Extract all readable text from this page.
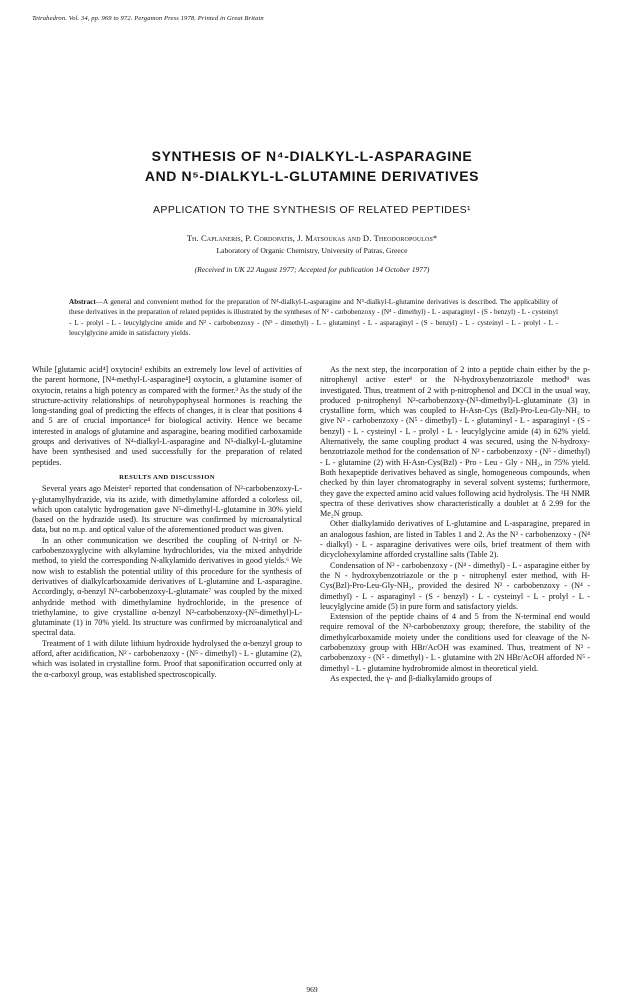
Tetrahedron. Vol. 34, pp. 969 to 972. Pergamon Press 1978. Printed in Great Britain
SYNTHESIS OF N⁴-DIALKYL-L-ASPARAGINE
AND N⁵-DIALKYL-L-GLUTAMINE DERIVATIVES
APPLICATION TO THE SYNTHESIS OF RELATED PEPTIDES¹
Th. Caplaneris, P. Cordopatis, J. Matsoukas and D. Theodoropoulos*
Laboratory of Organic Chemistry, University of Patras, Greece
(Received in UK 22 August 1977; Accepted for publication 14 October 1977)
Abstract—A general and convenient method for the preparation of N⁴-dialkyl-L-asparagine and N⁵-dialkyl-L-glutamine derivatives is described. The applicability of these derivatives in the preparation of related peptides is illustrated by the syntheses of N² - carbobenzoxy - (N⁴ - dimethyl) - L - asparaginyl - (S - benzyl) - L - cysteinyl - L - prolyl - L - leucylglycine amide and N² - carbobenzoxy - (N⁵ - dimethyl) - L - glutaminyl - L - asparaginyl - (S - benzyl) - L - cysteinyl - L - prolyl - L - leucylglycine amide in satisfactory yields.

While [glutamic acid⁴] oxytocin² exhibits an extremely low level of activities of the parent hormone, [N⁴-methyl-L-asparagine⁴] oxytocin, a glutamine isomer of oxytocin, retains a high potency as compared with the former.³ As the study of the structure-activity relationships of neurohypophyseal hormones is reaching the long-standing goal of predicting the effects of changes, it is clear that positions 4 and 5 are of crucial importance⁴ for biological activity. Hence we became interested in analogs of glutamine and asparagine, bearing modified carboxamide groups and derivatives of N⁴-dialkyl-L-asparagine and N⁵-dialkyl-L-glutamine have been synthesised and used successfully for the preparation of related peptides.

RESULTS AND DISCUSSION

Several years ago Meister⁵ reported that condensation of N²-carbobenzoxy-L-γ-glutamylhydrazide, via its azide, with dimethylamine afforded a colorless oil, which upon catalytic hydrogenation gave N⁵-dimethyl-L-glutamine in 30% yield (based on the hydrazide used). Its structure was confirmed by microanalytical data, but no m.p. and optical value of the aforementioned product was given.

In an other communication we described the coupling of N-trityl or N-carbobenzoxyglycine with alkylamine hydrochlorides, via the mixed anhydride method, to yield the corresponding N-alkylamido derivatives in good yields.⁶ We now wish to establish the potential utility of this procedure for the synthesis of derivatives of dialkylcarboxamide derivatives of L-glutamine and L-asparagine. Accordingly, α-benzyl N²-carbobenzoxy-L-glutamate⁷ was coupled by the mixed anhydride method with dimethylamine hydrochloride, in the presence of triethylamine, to give crystalline α-benzyl N²-carbobenzoxy-(N⁵-dimethyl)-L-glutaminate (1) in 70% yield. Its structure was confirmed by microanalytical and spectral data.

Treatment of 1 with dilute lithium hydroxide hydrolysed the α-benzyl group to afford, after acidification, N² - carbobenzoxy - (N⁵ - dimethyl) - L - glutamine (2), which was isolated in crystalline form. Proof that saponification occurred only at the α-carboxyl group, was established spectroscopically.

As the next step, the incorporation of 2 into a peptide chain either by the p-nitrophenyl active ester⁸ or the N-hydroxybenzotriazole method⁹ was investigated. Thus, treatment of 2 with p-nitrophenol and DCCI in the usual way, produced p-nitrophenyl N²-carbobenzoxy-(N⁵-dimethyl)-L-glutaminate (3) in crystalline form, which was coupled to H-Asn-Cys (Bzl)-Pro-Leu-Gly-NH₂ to give N² - carbobenzoxy - (N⁵ - dimethyl) - L - glutaminyl - L - asparaginyl - (S - benzyl) - L - cysteinyl - L - prolyl - L - leucylglycine amide (4) in 62% yield. Alternatively, the same coupling product 4 was secured, using the N-hydroxy-benzotriazole method for the condensation of N² - carbobenzoxy - (N⁵ - dimethyl) - L - glutamine (2) with H-Asn-Cys(Bzl) - Pro - Leu - Gly - NH₂, in 75% yield. Both hexapeptide derivatives behaved as single, homogeneous compounds, when checked by thin layer chromatography in several solvent systems; furthermore, they gave the expected amino acid values following acid hydrolysis. The ¹H NMR spectra of these derivatives show characteristically a doublet at δ 2.99 for the Me₂N group.

Other dialkylamido derivatives of L-glutamine and L-asparagine, prepared in an analogous fashion, are listed in Tables 1 and 2. As the N² - carbobenzoxy - (N⁴ - dialkyl) - L - asparagine derivatives were oils, brief treatment of them with dicyclohexylamine afforded crystalline salts (Table 2).

Condensation of N² - carbobenzoxy - (N⁴ - dimethyl) - L - asparagine either by the N - hydroxybenzotriazole or the p - nitrophenyl ester method, with H-Cys(Bzl)-Pro-Leu-Gly-NH₂, provided the desired N² - carbobenzoxy - (N⁴ - dimethyl) - L - asparaginyl - (S - benzyl) - L - cysteinyl - L - prolyl - L - leucylglycine amide (5) in pure form and satisfactory yields.

Extension of the peptide chains of 4 and 5 from the N-terminal end would require removal of the N²-carbobenzoxy group; therefore, the stability of the dimethylcarboxamide moiety under the conditions used for cleavage of the N-carbobenzoxy group with HBr/AcOH was examined. Thus, treatment of N² - carbobenzoxy - (N⁵ - dimethyl) - L - glutamine with 2N HBr/AcOH afforded N⁵ - dimethyl - L - glutamine hydrobromide almost in theoretical yield.

As expected, the γ- and β-dialkylamido groups of

969
